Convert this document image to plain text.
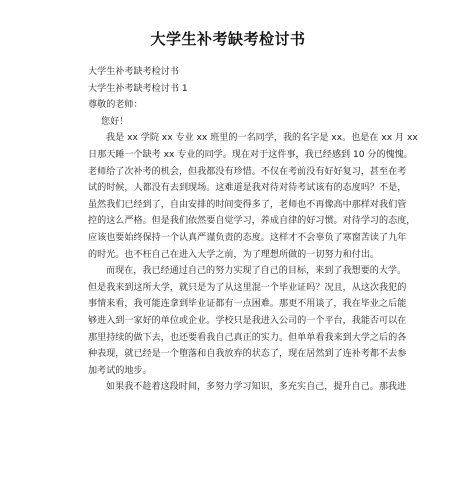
大学生补考缺考检讨书
大学生补考缺考检讨书
大学生补考缺考检讨书 1
尊敬的老师：
您好！
我是 xx 学院 xx 专业 xx 班里的一名同学，我的名字是 xx。也是在 xx 月 xx
日那天睡一个缺考 xx 专业的同学。现在对于这件事，我已经感到 10 分的愧愧。
老师给了次补考的机会，但我都没有珍惜。不仅在考前没有好好复习，甚至在考
试的时候，人都没有去到现场。这难道是我对待对待考试该有的态度吗？不是，
虽然我们已经到了，自由安排的时间变得多了，老师也不再像高中那样对我们管
控的这么严格。但是我们依然要自觉学习，养成自律的好习惯。对待学习的态度，
应该也要始终保持一个认真严谨负责的态度。这样才不会辜负了寒窗苦读了九年
的时光。也不枉自己在进入大学之前，为了理想所做的一切努力和付出。
而现在，我已经通过自己的努力实现了自己的目标，来到了我想要的大学。
但是我来到这所大学，就只是为了从这里混一个毕业证吗？况且，从这次我犯的
事情来看，我可能连拿到毕业证都有一点困难。那更不用谈了，我在毕业之后能
够进入到一家好的单位或企业。学校只是我进入公司的一个平台，我能否可以在
那里持续的做下去，也还要看我自己真正的实力。但单单看我来到大学之后的各
种表现，就已经是一个堕落和自我放弃的状态了，现在居然到了连补考都不去参
加考试的地步。
如果我不趁着这段时间，多努力学习知识，多充实自己，提升自己。那我进
